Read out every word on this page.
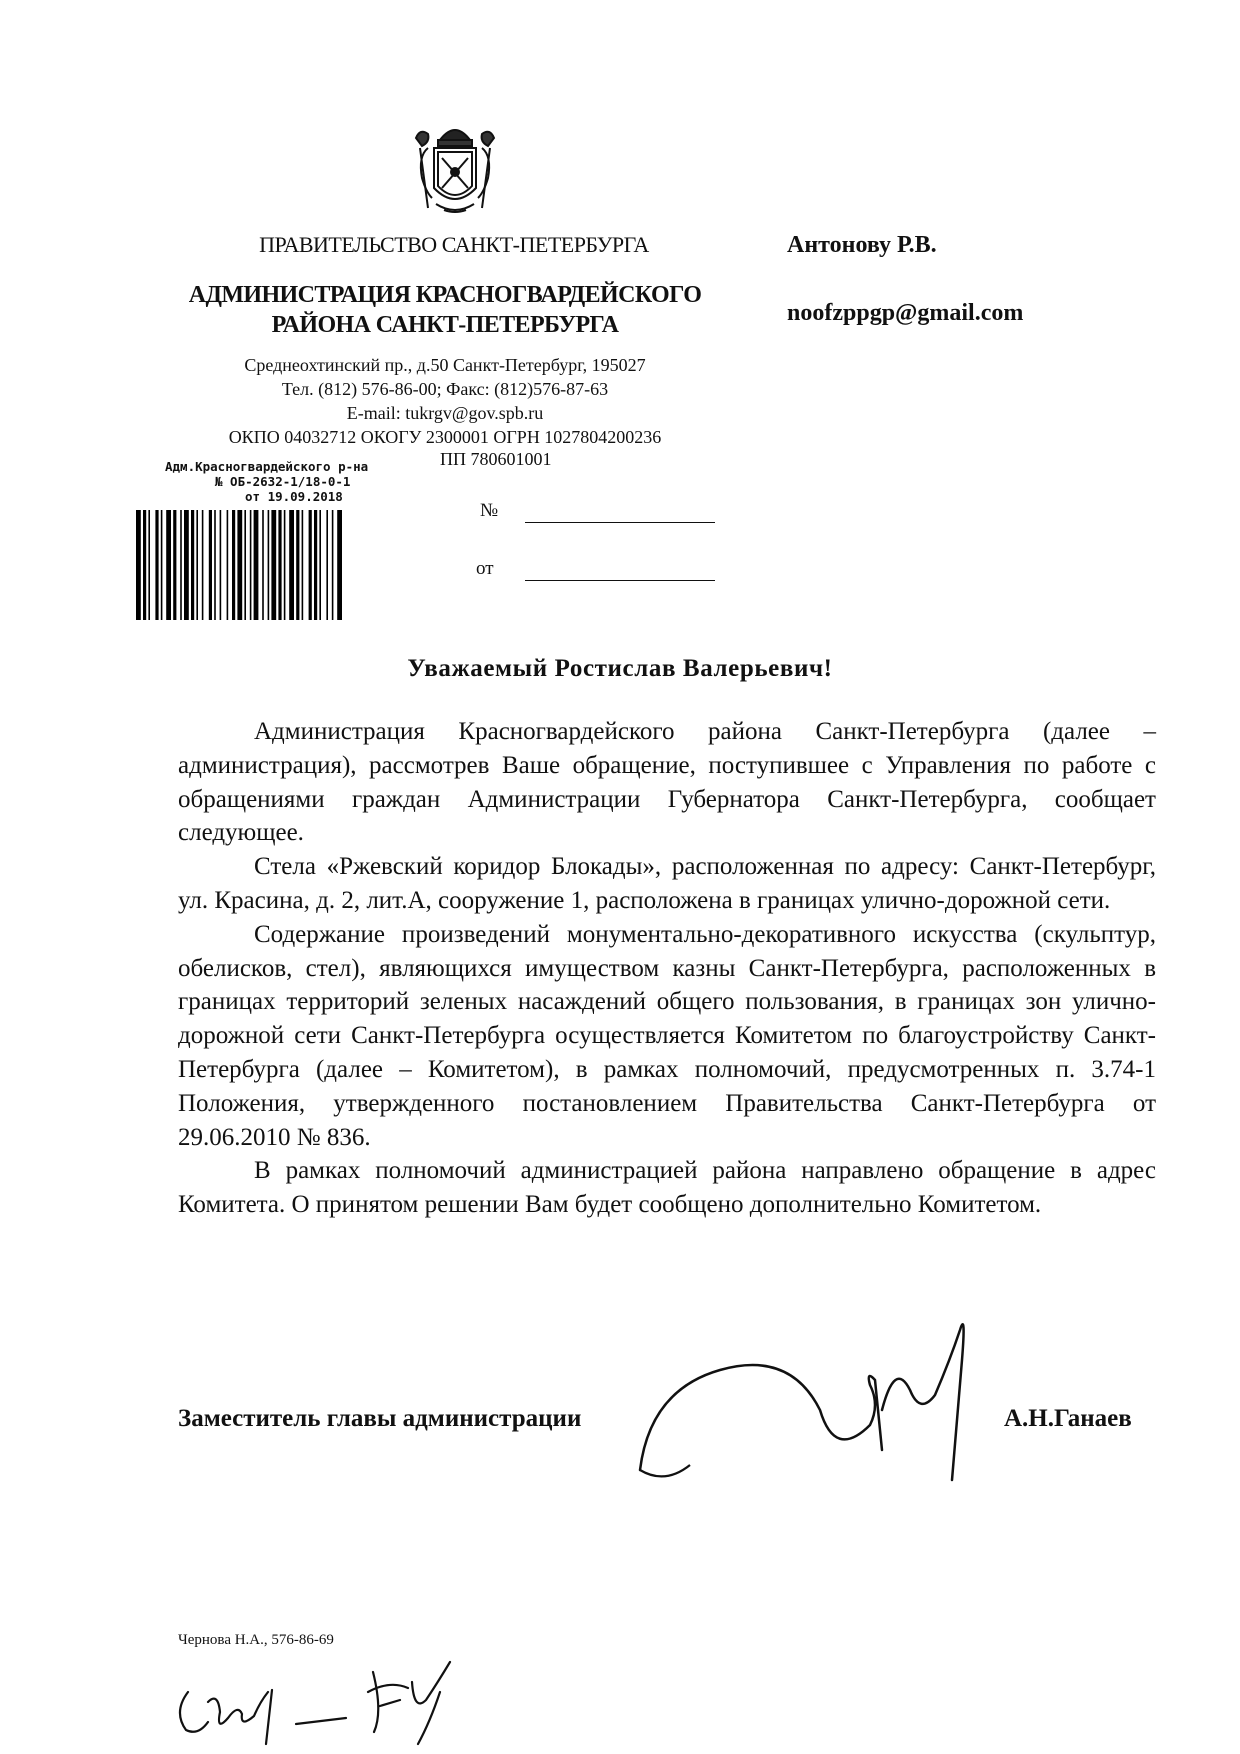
ПРАВИТЕЛЬСТВО САНКТ-ПЕТЕРБУРГА
АДМИНИСТРАЦИЯ КРАСНОГВАРДЕЙСКОГО
РАЙОНА САНКТ-ПЕТЕРБУРГА
Среднеохтинский пр., д.50 Санкт-Петербург, 195027
Тел. (812) 576-86-00; Факс: (812)576-87-63
E-mail: tukrgv@gov.spb.ru
ОКПО 04032712 ОКОГУ 2300001 ОГРН 1027804200236
ПП 780601001
Адм.Красногвардейского р-на
№ ОБ-2632-1/18-0-1
от 19.09.2018
№
от
Антонову Р.В.
noofzppgp@gmail.com
Уважаемый Ростислав Валерьевич!

Администрация Красногвардейского района Санкт-Петербурга (далее – администрация), рассмотрев Ваше обращение, поступившее с Управления по работе с обращениями граждан Администрации Губернатора Санкт-Петербурга, сообщает следующее.

Стела «Ржевский коридор Блокады», расположенная по адресу: Санкт-Петербург, ул. Красина, д. 2, лит.А, сооружение 1, расположена в границах улично-дорожной сети.

Содержание произведений монументально-декоративного искусства (скульптур, обелисков, стел), являющихся имуществом казны Санкт-Петербурга, расположенных в границах территорий зеленых насаждений общего пользования, в границах зон улично-дорожной сети Санкт-Петербурга осуществляется Комитетом по благоустройству Санкт-Петербурга (далее – Комитетом), в рамках полномочий, предусмотренных п. 3.74-1 Положения, утвержденного постановлением Правительства Санкт-Петербурга от 29.06.2010 № 836.

В рамках полномочий администрацией района направлено обращение в адрес Комитета. О принятом решении Вам будет сообщено дополнительно Комитетом.

Заместитель главы администрации	А.Н.Ганаев
Чернова Н.А., 576-86-69
